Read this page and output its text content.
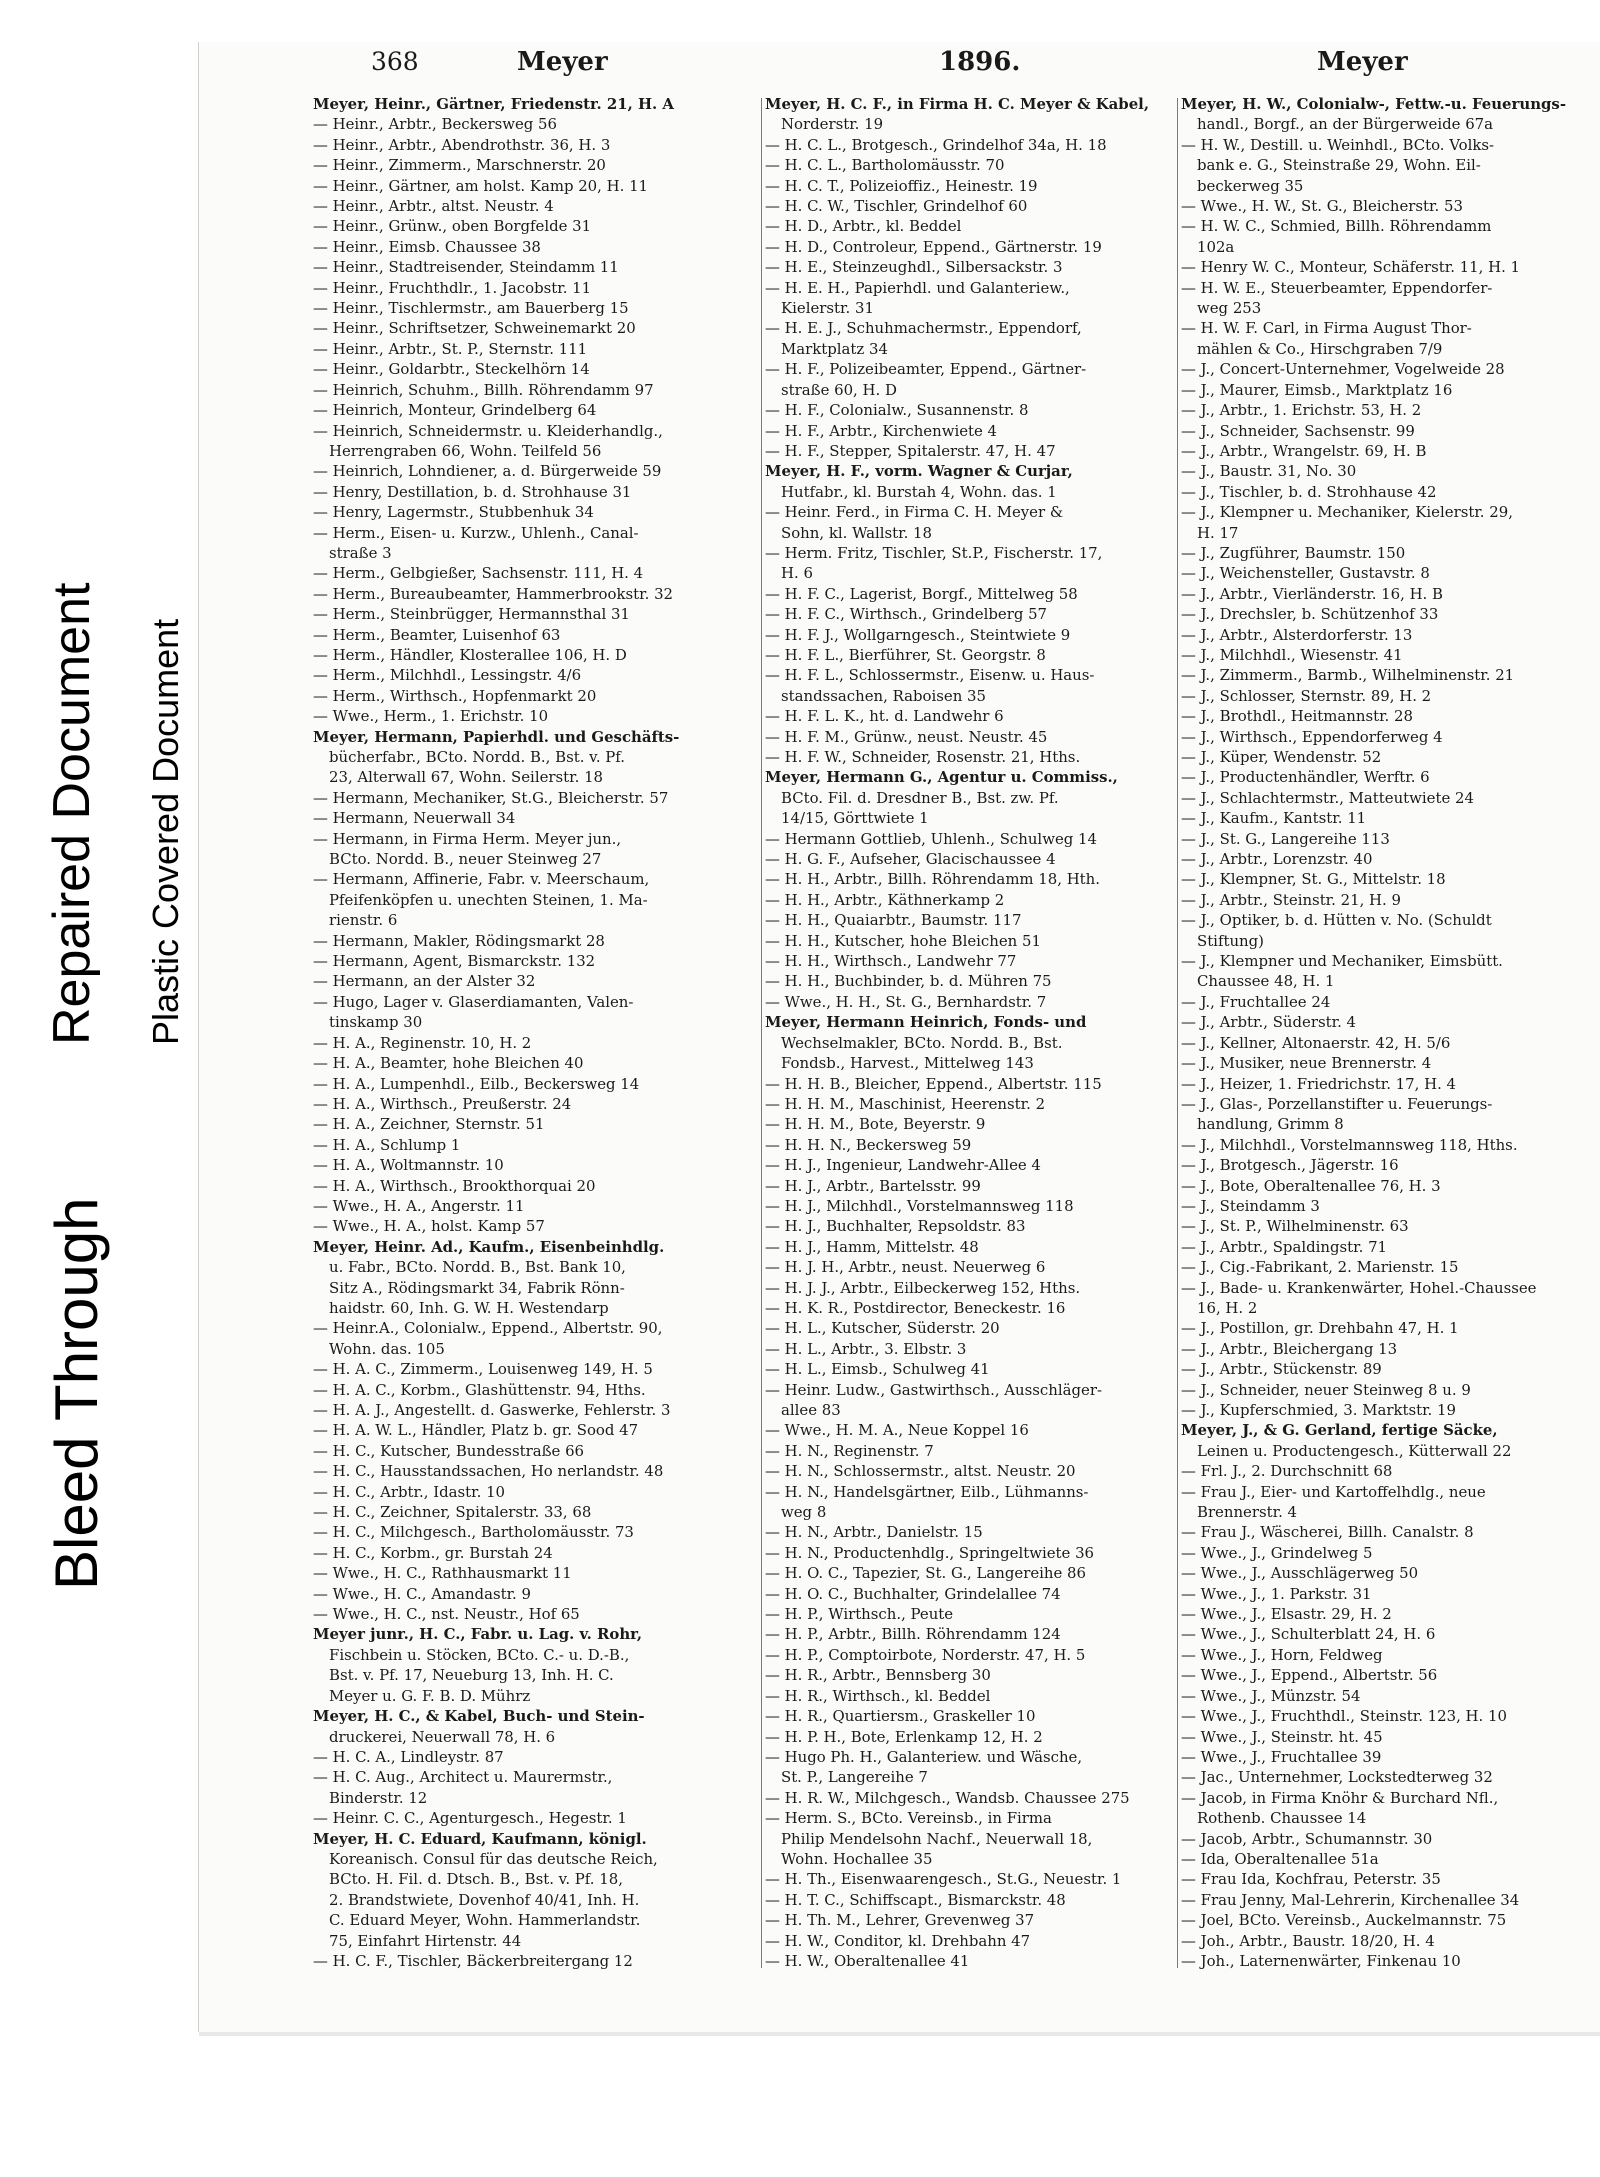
Bleed Through
Repaired Document Plastic Covered Document
368	Meyer	1896.	Meyer
Meyer, Heinr., Gärtner, Friedenstr. 21, H. A
— Heinr., Arbtr., Beckersweg 56
— Heinr., Arbtr., Abendrothstr. 36, H. 3
— Heinr., Zimmerm., Marschnerstr. 20
— Heinr., Gärtner, am holst. Kamp 20, H. 11
— Heinr., Arbtr., altst. Neustr. 4
— Heinr., Grünw., oben Borgfelde 31
— Heinr., Eimsb. Chaussee 38
— Heinr., Stadtreisender, Steindamm 11
— Heinr., Fruchthdlr., 1. Jacobstr. 11
— Heinr., Tischlermstr., am Bauerberg 15
— Heinr., Schriftsetzer, Schweinemarkt 20
— Heinr., Arbtr., St. P., Sternstr. 111
— Heinr., Goldarbtr., Steckelhörn 14
— Heinrich, Schuhm., Billh. Röhrendamm 97
— Heinrich, Monteur, Grindelberg 64
— Heinrich, Schneidermstr. u. Kleiderhandlg.,
Herrengraben 66, Wohn. Teilfeld 56
— Heinrich, Lohndiener, a. d. Bürgerweide 59
— Henry, Destillation, b. d. Strohhause 31
— Henry, Lagermstr., Stubbenhuk 34
— Herm., Eisen- u. Kurzw., Uhlenh., Canal-
straße 3
— Herm., Gelbgießer, Sachsenstr. 111, H. 4
— Herm., Bureaubeamter, Hammerbrookstr. 32
— Herm., Steinbrügger, Hermannsthal 31
— Herm., Beamter, Luisenhof 63
— Herm., Händler, Klosterallee 106, H. D
— Herm., Milchhdl., Lessingstr. 4/6
— Herm., Wirthsch., Hopfenmarkt 20
— Wwe., Herm., 1. Erichstr. 10
Meyer, Hermann, Papierhdl. und Geschäfts-
bücherfabr., BCto. Nordd. B., Bst. v. Pf.
23, Alterwall 67, Wohn. Seilerstr. 18
— Hermann, Mechaniker, St.G., Bleicherstr. 57
— Hermann, Neuerwall 34
— Hermann, in Firma Herm. Meyer jun.,
BCto. Nordd. B., neuer Steinweg 27
— Hermann, Affinerie, Fabr. v. Meerschaum,
Pfeifenköpfen u. unechten Steinen, 1. Ma-
rienstr. 6
— Hermann, Makler, Rödingsmarkt 28
— Hermann, Agent, Bismarckstr. 132
— Hermann, an der Alster 32
— Hugo, Lager v. Glaserdiamanten, Valen-
tinskamp 30
— H. A., Reginenstr. 10, H. 2
— H. A., Beamter, hohe Bleichen 40
— H. A., Lumpenhdl., Eilb., Beckersweg 14
— H. A., Wirthsch., Preußerstr. 24
— H. A., Zeichner, Sternstr. 51
— H. A., Schlump 1
— H. A., Woltmannstr. 10
— H. A., Wirthsch., Brookthorquai 20
— Wwe., H. A., Angerstr. 11
— Wwe., H. A., holst. Kamp 57
Meyer, Heinr. Ad., Kaufm., Eisenbeinhdlg.
u. Fabr., BCto. Nordd. B., Bst. Bank 10,
Sitz A., Rödingsmarkt 34, Fabrik Rönn-
haidstr. 60, Inh. G. W. H. Westendarp
— Heinr.A., Colonialw., Eppend., Albertstr. 90,
Wohn. das. 105
— H. A. C., Zimmerm., Louisenweg 149, H. 5
— H. A. C., Korbm., Glashüttenstr. 94, Hths.
— H. A. J., Angestellt. d. Gaswerke, Fehlerstr. 3
— H. A. W. L., Händler, Platz b. gr. Sood 47
— H. C., Kutscher, Bundesstraße 66
— H. C., Hausstandssachen, Ho nerlandstr. 48
— H. C., Arbtr., Idastr. 10
— H. C., Zeichner, Spitalerstr. 33, 68
— H. C., Milchgesch., Bartholomäusstr. 73
— H. C., Korbm., gr. Burstah 24
— Wwe., H. C., Rathhausmarkt 11
— Wwe., H. C., Amandastr. 9
— Wwe., H. C., nst. Neustr., Hof 65
Meyer junr., H. C., Fabr. u. Lag. v. Rohr,
Fischbein u. Stöcken, BCto. C.- u. D.-B.,
Bst. v. Pf. 17, Neueburg 13, Inh. H. C.
Meyer u. G. F. B. D. Mührz
Meyer, H. C., & Kabel, Buch- und Stein-
druckerei, Neuerwall 78, H. 6
— H. C. A., Lindleystr. 87
— H. C. Aug., Architect u. Maurermstr.,
Binderstr. 12
— Heinr. C. C., Agenturgesch., Hegestr. 1
Meyer, H. C. Eduard, Kaufmann, königl.
Koreanisch. Consul für das deutsche Reich,
BCto. H. Fil. d. Dtsch. B., Bst. v. Pf. 18,
2. Brandstwiete, Dovenhof 40/41, Inh. H.
C. Eduard Meyer, Wohn. Hammerlandstr.
75, Einfahrt Hirtenstr. 44
— H. C. F., Tischler, Bäckerbreitergang 12
Meyer, H. C. F., in Firma H. C. Meyer & Kabel,
Norderstr. 19
— H. C. L., Brotgesch., Grindelhof 34a, H. 18
— H. C. L., Bartholomäusstr. 70
— H. C. T., Polizeioffiz., Heinestr. 19
— H. C. W., Tischler, Grindelhof 60
— H. D., Arbtr., kl. Beddel
— H. D., Controleur, Eppend., Gärtnerstr. 19
— H. E., Steinzeughdl., Silbersackstr. 3
— H. E. H., Papierhdl. und Galanteriew.,
Kielerstr. 31
— H. E. J., Schuhmachermstr., Eppendorf,
Marktplatz 34
— H. F., Polizeibeamter, Eppend., Gärtner-
straße 60, H. D
— H. F., Colonialw., Susannenstr. 8
— H. F., Arbtr., Kirchenwiete 4
— H. F., Stepper, Spitalerstr. 47, H. 47
Meyer, H. F., vorm. Wagner & Curjar,
Hutfabr., kl. Burstah 4, Wohn. das. 1
— Heinr. Ferd., in Firma C. H. Meyer &
Sohn, kl. Wallstr. 18
— Herm. Fritz, Tischler, St.P., Fischerstr. 17,
H. 6
— H. F. C., Lagerist, Borgf., Mittelweg 58
— H. F. C., Wirthsch., Grindelberg 57
— H. F. J., Wollgarngesch., Steintwiete 9
— H. F. L., Bierführer, St. Georgstr. 8
— H. F. L., Schlossermstr., Eisenw. u. Haus-
standssachen, Raboisen 35
— H. F. L. K., ht. d. Landwehr 6
— H. F. M., Grünw., neust. Neustr. 45
— H. F. W., Schneider, Rosenstr. 21, Hths.
Meyer, Hermann G., Agentur u. Commiss.,
BCto. Fil. d. Dresdner B., Bst. zw. Pf.
14/15, Görttwiete 1
— Hermann Gottlieb, Uhlenh., Schulweg 14
— H. G. F., Aufseher, Glacischaussee 4
— H. H., Arbtr., Billh. Röhrendamm 18, Hth.
— H. H., Arbtr., Käthnerkamp 2
— H. H., Quaiarbtr., Baumstr. 117
— H. H., Kutscher, hohe Bleichen 51
— H. H., Wirthsch., Landwehr 77
— H. H., Buchbinder, b. d. Mühren 75
— Wwe., H. H., St. G., Bernhardstr. 7
Meyer, Hermann Heinrich, Fonds- und
Wechselmakler, BCto. Nordd. B., Bst.
Fondsb., Harvest., Mittelweg 143
— H. H. B., Bleicher, Eppend., Albertstr. 115
— H. H. M., Maschinist, Heerenstr. 2
— H. H. M., Bote, Beyerstr. 9
— H. H. N., Beckersweg 59
— H. J., Ingenieur, Landwehr-Allee 4
— H. J., Arbtr., Bartelsstr. 99
— H. J., Milchhdl., Vorstelmannsweg 118
— H. J., Buchhalter, Repsoldstr. 83
— H. J., Hamm, Mittelstr. 48
— H. J. H., Arbtr., neust. Neuerweg 6
— H. J. J., Arbtr., Eilbeckerweg 152, Hths.
— H. K. R., Postdirector, Beneckestr. 16
— H. L., Kutscher, Süderstr. 20
— H. L., Arbtr., 3. Elbstr. 3
— H. L., Eimsb., Schulweg 41
— Heinr. Ludw., Gastwirthsch., Ausschläger-
allee 83
— Wwe., H. M. A., Neue Koppel 16
— H. N., Reginenstr. 7
— H. N., Schlossermstr., altst. Neustr. 20
— H. N., Handelsgärtner, Eilb., Lühmanns-
weg 8
— H. N., Arbtr., Danielstr. 15
— H. N., Productenhdlg., Springeltwiete 36
— H. O. C., Tapezier, St. G., Langereihe 86
— H. O. C., Buchhalter, Grindelallee 74
— H. P., Wirthsch., Peute
— H. P., Arbtr., Billh. Röhrendamm 124
— H. P., Comptoirbote, Norderstr. 47, H. 5
— H. R., Arbtr., Bennsberg 30
— H. R., Wirthsch., kl. Beddel
— H. R., Quartiersm., Graskeller 10
— H. P. H., Bote, Erlenkamp 12, H. 2
— Hugo Ph. H., Galanteriew. und Wäsche,
St. P., Langereihe 7
— H. R. W., Milchgesch., Wandsb. Chaussee 275
— Herm. S., BCto. Vereinsb., in Firma
Philip Mendelsohn Nachf., Neuerwall 18,
Wohn. Hochallee 35
— H. Th., Eisenwaarengesch., St.G., Neuestr. 1
— H. T. C., Schiffscapt., Bismarckstr. 48
— H. Th. M., Lehrer, Grevenweg 37
— H. W., Conditor, kl. Drehbahn 47
— H. W., Oberaltenallee 41
Meyer, H. W., Colonialw-, Fettw.-u. Feuerungs-
handl., Borgf., an der Bürgerweide 67a
— H. W., Destill. u. Weinhdl., BCto. Volks-
bank e. G., Steinstraße 29, Wohn. Eil-
beckerweg 35
— Wwe., H. W., St. G., Bleicherstr. 53
— H. W. C., Schmied, Billh. Röhrendamm
102a
— Henry W. C., Monteur, Schäferstr. 11, H. 1
— H. W. E., Steuerbeamter, Eppendorfer-
weg 253
— H. W. F. Carl, in Firma August Thor-
mählen & Co., Hirschgraben 7/9
— J., Concert-Unternehmer, Vogelweide 28
— J., Maurer, Eimsb., Marktplatz 16
— J., Arbtr., 1. Erichstr. 53, H. 2
— J., Schneider, Sachsenstr. 99
— J., Arbtr., Wrangelstr. 69, H. B
— J., Baustr. 31, No. 30
— J., Tischler, b. d. Strohhause 42
— J., Klempner u. Mechaniker, Kielerstr. 29,
H. 17
— J., Zugführer, Baumstr. 150
— J., Weichensteller, Gustavstr. 8
— J., Arbtr., Vierländerstr. 16, H. B
— J., Drechsler, b. Schützenhof 33
— J., Arbtr., Alsterdorferstr. 13
— J., Milchhdl., Wiesenstr. 41
— J., Zimmerm., Barmb., Wilhelminenstr. 21
— J., Schlosser, Sternstr. 89, H. 2
— J., Brothdl., Heitmannstr. 28
— J., Wirthsch., Eppendorferweg 4
— J., Küper, Wendenstr. 52
— J., Productenhändler, Werftr. 6
— J., Schlachtermstr., Matteutwiete 24
— J., Kaufm., Kantstr. 11
— J., St. G., Langereihe 113
— J., Arbtr., Lorenzstr. 40
— J., Klempner, St. G., Mittelstr. 18
— J., Arbtr., Steinstr. 21, H. 9
— J., Optiker, b. d. Hütten v. No. (Schuldt
Stiftung)
— J., Klempner und Mechaniker, Eimsbütt.
Chaussee 48, H. 1
— J., Fruchtallee 24
— J., Arbtr., Süderstr. 4
— J., Kellner, Altonaerstr. 42, H. 5/6
— J., Musiker, neue Brennerstr. 4
— J., Heizer, 1. Friedrichstr. 17, H. 4
— J., Glas-, Porzellanstifter u. Feuerungs-
handlung, Grimm 8
— J., Milchhdl., Vorstelmannsweg 118, Hths.
— J., Brotgesch., Jägerstr. 16
— J., Bote, Oberaltenallee 76, H. 3
— J., Steindamm 3
— J., St. P., Wilhelminenstr. 63
— J., Arbtr., Spaldingstr. 71
— J., Cig.-Fabrikant, 2. Marienstr. 15
— J., Bade- u. Krankenwärter, Hohel.-Chaussee
16, H. 2
— J., Postillon, gr. Drehbahn 47, H. 1
— J., Arbtr., Bleichergang 13
— J., Arbtr., Stückenstr. 89
— J., Schneider, neuer Steinweg 8 u. 9
— J., Kupferschmied, 3. Marktstr. 19
Meyer, J., & G. Gerland, fertige Säcke,
Leinen u. Productengesch., Kütterwall 22
— Frl. J., 2. Durchschnitt 68
— Frau J., Eier- und Kartoffelhdlg., neue
Brennerstr. 4
— Frau J., Wäscherei, Billh. Canalstr. 8
— Wwe., J., Grindelweg 5
— Wwe., J., Ausschlägerweg 50
— Wwe., J., 1. Parkstr. 31
— Wwe., J., Elsastr. 29, H. 2
— Wwe., J., Schulterblatt 24, H. 6
— Wwe., J., Horn, Feldweg
— Wwe., J., Eppend., Albertstr. 56
— Wwe., J., Münzstr. 54
— Wwe., J., Fruchthdl., Steinstr. 123, H. 10
— Wwe., J., Steinstr. ht. 45
— Wwe., J., Fruchtallee 39
— Jac., Unternehmer, Lockstedterweg 32
— Jacob, in Firma Knöhr & Burchard Nfl.,
Rothenb. Chaussee 14
— Jacob, Arbtr., Schumannstr. 30
— Ida, Oberaltenallee 51a
— Frau Ida, Kochfrau, Peterstr. 35
— Frau Jenny, Mal-Lehrerin, Kirchenallee 34
— Joel, BCto. Vereinsb., Auckelmannstr. 75
— Joh., Arbtr., Baustr. 18/20, H. 4
— Joh., Laternenwärter, Finkenau 10
